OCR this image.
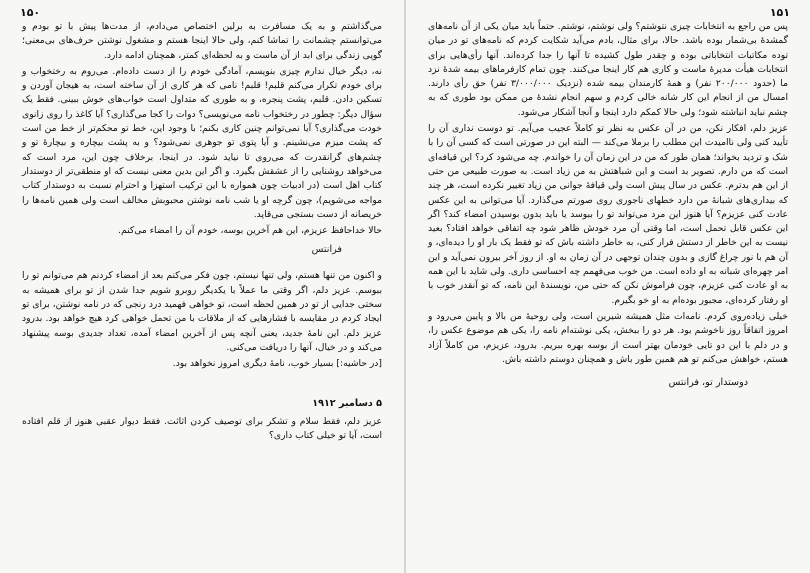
۱۵۰

می‌گذاشتم و به یک مسافرت به برلین اختصاص می‌دادم، از مدت‌ها پیش با تو بودم و می‌توانستم چشمانت را تماشا کنم، ولی حالا اینجا هستم و مشغول نوشتن حرف‌های بی‌معنی؛ گویی زندگی برای ابد از آن ماست و به لحظه‌ای کمتر، همچنان ادامه دارد.

نه، دیگر خیال ندارم چیزی بنویسم، آمادگی خودم را از دست داده‌ام. می‌روم به رختخواب و برای خودم تکرار می‌کنم قلبم! قلبم! نامی که هر کاری از آن ساخته است، به هیجان آوردن و تسکین دادن. قلبم، پشت پنجره، و به طوری که متداول است خواب‌های خوش ببینی. فقط یک سؤال دیگر: چطور در رختخواب نامه می‌نویسی؟ دوات را کجا می‌گذاری؟ آیا کاغذ را روی زانوی خودت می‌گذاری؟ آیا نمی‌توانم چنین کاری بکنم؛ با وجود این، خط تو محکم‌تر از خط من است که پشت میزم می‌نشینم. و آیا پتوی تو جوهری نمی‌شود؟ و به پشت بیچاره و بیچارهٔ تو و چشم‌های گرانقدرت که می‌روی تا نیاید شود. در اینجا، برخلاف چون این، مرد است که می‌خواهد روشنایی را از عشقش بگیرد. و اگر این بدین معنی نیست که او منطقی‌تر از دوستدار کتاب اهل است (در ادبیات چون همواره با این ترکیب استهزا و احترام نسبت به دوستدار کتاب مواجه می‌شویم)، چون گرچه او یا شب نامه نوشتن محبوبش مخالف است ولی همین نامه‌ها را خریصانه از دست بستجی می‌قاپد.

حالا خداحافظ عزیزم، این هم آخرین بوسه، خودم آن را امضاء می‌کنم.

فرانتس

و اکنون من تنها هستم، ولی تنها نیستم، چون فکر می‌کنم بعد از امضاء کردنم هم می‌توانم تو را ببوسم. عزیز دلم، اگر وقتی ما عملاً با یکدیگر روبرو شویم جدا شدن از تو برای همیشه به سختی جدایی از تو در همین لحظه است، تو خواهی فهمید درد رنجی که در نامه نوشتن، برای تو ایجاد کردم در مقایسه با فشارهایی که از ملاقات با من تحمل خواهی کرد هیچ خواهد بود. بدرود عزیز دلم. این نامهٔ جدید، یعنی آنچه پس از آخرین امضاء آمده، تعداد جدیدی بوسه پیشنهاد می‌کند و در خیال، آنها را دریافت می‌کنی.

[در حاشیه:] بسیار خوب، نامهٔ دیگری امروز نخواهد بود.

۵ دسامبر ۱۹۱۲

عزیز دلم، فقط سلام و تشکر برای توصیف کردن اثاثت. فقط دیوار عقبی هنوز از قلم افتاده است، آیا تو خیلی کتاب داری؟

۱۵۱

پس من راجع به انتخابات چیزی نتوشتم؟ ولی نوشتم، نوشتم. حتماً باید میان یکی از آن نامه‌های گمشده‌ٔ بی‌شمار بوده باشد. حالا، برای مثال، بادم می‌آید شکایت کردم که نامه‌های تو در میان توده مکاتبات انتخاباتی بوده و چقدر طول کشیده تا آنها را جدا کرده‌اند. آنها رأی‌هایی برای انتخابات هیأت مدیرهٔ ماست و کاری هم کار اینجا می‌کنند. چون تمام کارفرماهای بیمه شدهٔ نزد ما (حدود ۲۰۰/۰۰۰ نفر) و همهٔ کارمندان بیمه شده (نزدیک ۳/۰۰۰/۰۰۰ نفر) حق رأی دارند. امسال من از انجام این کار شانه خالی کردم و سهم انجام نشدهٔ من ممکن بود طوری که به چشم نباید انباشته شود؛ ولی حالا کمکم دارد اینجا و آنجا آشکار می‌شود.

عزیز دلم، افکار نکن، من در آن عکس به نظر تو کاملاً عجیب می‌آیم. تو دوست نداری آن را تأیید کنی ولی ناامیدت این مطلب را برملا می‌کند — البته این در صورتی است که کسی آن را با شک و تردید بخواند؛ همان طور که من در این زمان آن را خواندم. چه می‌شود کرد؟ این قیافه‌ای است که من دارم. تصویر بد است و این شباهتش به من زیاد است. به صورت طبیعی من حتی از این هم بدترم. عکس در سال پیش است ولی قیافهٔ جوانی من زیاد تغییر نکرده است، هر چند که بیداری‌های شبانهٔ من دارد خطهای ناجوری روی صورتم می‌گذارد. آیا می‌توانی به این عکس عادت کنی عزیزم؟ آیا هنوز این مرد می‌تواند تو را ببوسد یا باید بدون بوسیدن امضاء کند؟ اگر این عکس قابل تحمل است، اما وقتی آن مرد خودش ظاهر شود چه اتفاقی خواهد افتاد؟ بعید نیست به این خاطر از دستش فرار کنی، به خاطر داشته باش که تو فقط یک بار او را دیده‌ای، و آن هم با نور چراغ گازی و بدون چندان توجهی در آن زمان به او. از روز آخر بیرون نمی‌آید و این امر چهره‌ای شبانه به او داده است. من خوب می‌فهمم چه احساسی داری. ولی شاید با این همه به او عادت کنی عزیزم، چون فراموش نکن که حتی من، نویسندهٔ این نامه، که تو آنقدر خوب با او رفتار کرده‌ای، مجبور بوده‌ام به او خو بگیرم.

خیلی زیاده‌روی کردم. نامه‌ات مثل همیشه شیرین است، ولی روحیهٔ من بالا و پایین می‌رود و امروز اتفاقاً روز ناخوشم بود. هر دو را ببخش، یکی نوشته‌ام نامه را، یکی هم موضوع عکس را، و در دلم با این دو تایی خودمان بهتر است از بوسه بهره ببریم. بدرود، عزیزم، من کاملاً آزاد هستم، خواهش می‌کنم تو هم همین طور باش و همچنان دوستم داشته باش.

دوستدار تو، فرانتس
